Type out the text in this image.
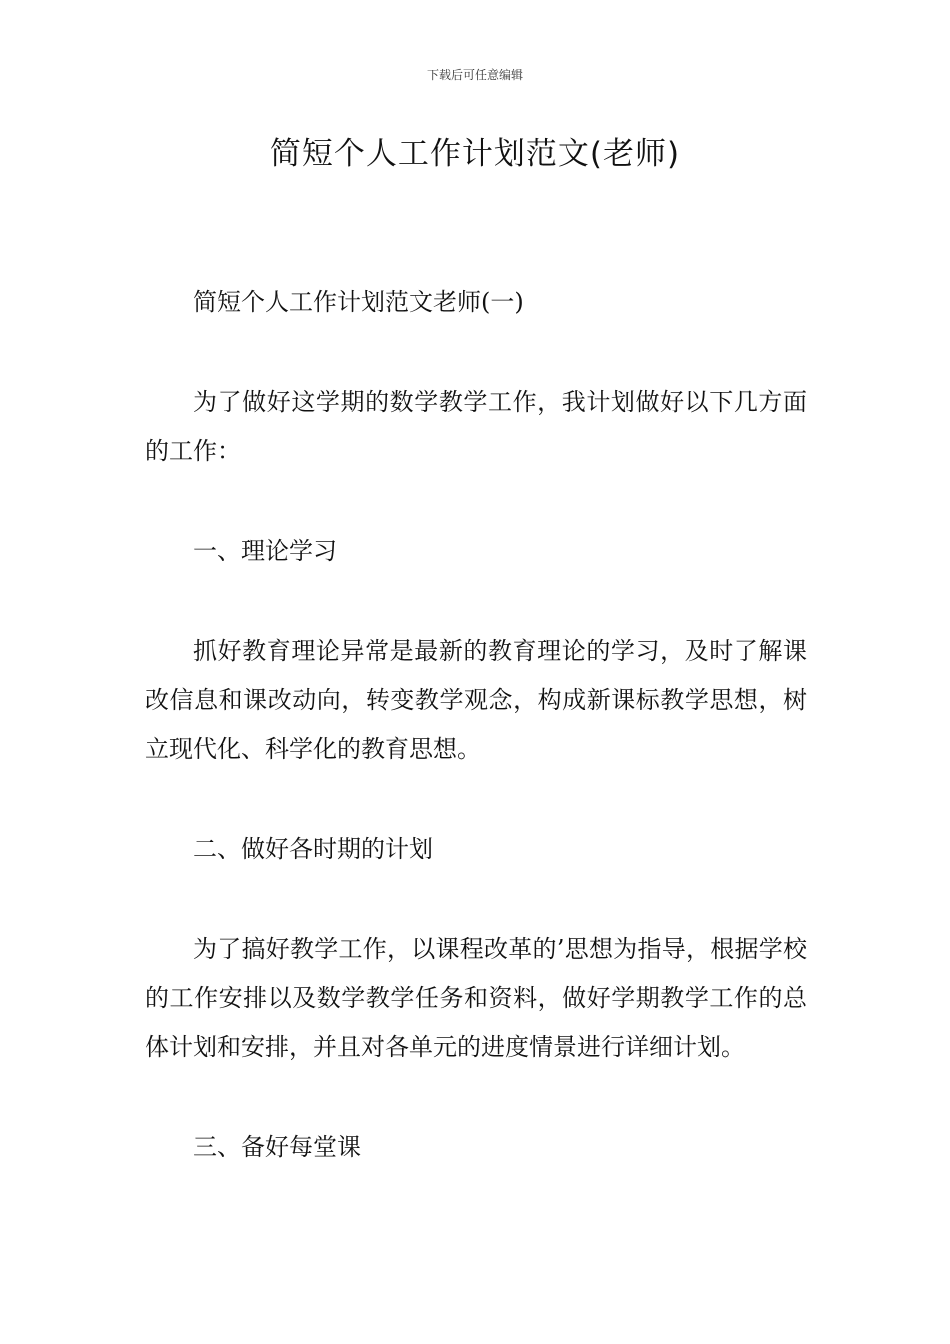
下载后可任意编辑
简短个人工作计划范文(老师)

简短个人工作计划范文老师(一)

为了做好这学期的数学教学工作，我计划做好以下几方面的工作：

一、理论学习

抓好教育理论异常是最新的教育理论的学习，及时了解课改信息和课改动向，转变教学观念，构成新课标教学思想，树立现代化、科学化的教育思想。

二、做好各时期的计划

为了搞好教学工作，以课程改革的’思想为指导，根据学校的工作安排以及数学教学任务和资料，做好学期教学工作的总体计划和安排，并且对各单元的进度情景进行详细计划。

三、备好每堂课
